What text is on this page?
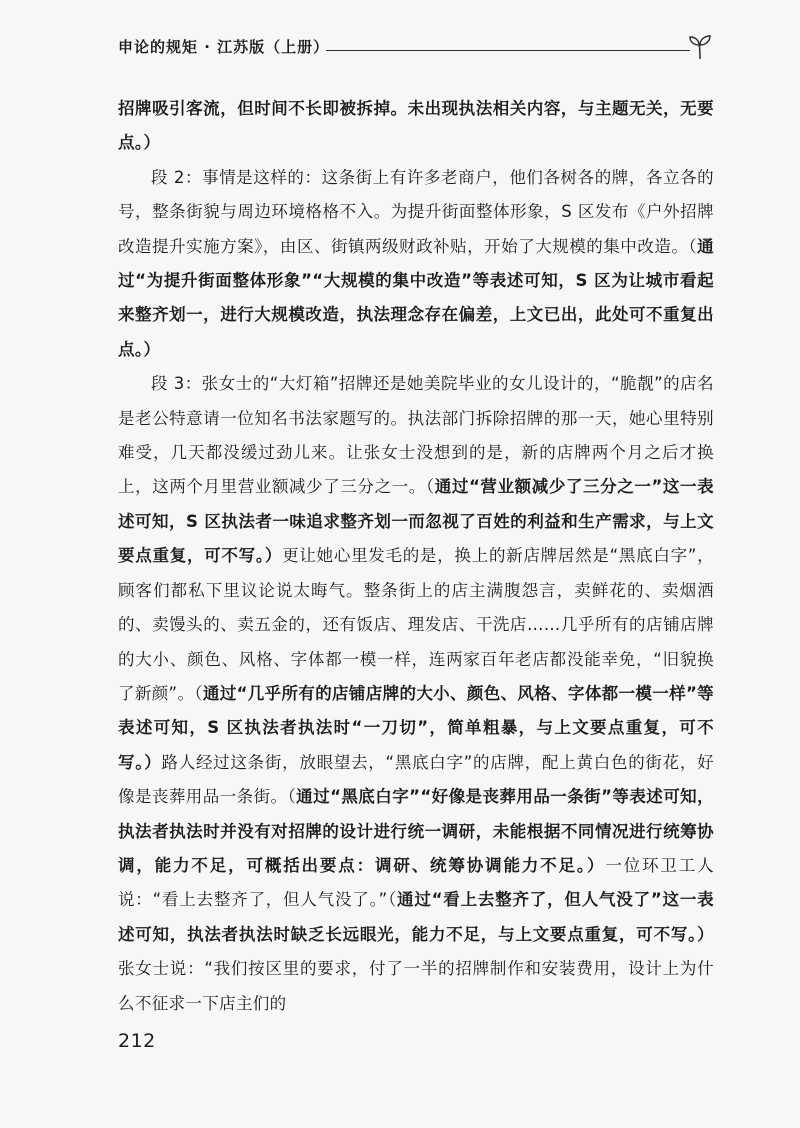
申论的规矩 · 江苏版（上册）

招牌吸引客流，但时间不长即被拆掉。未出现执法相关内容，与主题无关，无要点。）

段 2：事情是这样的：这条街上有许多老商户，他们各树各的牌，各立各的号，整条街貌与周边环境格格不入。为提升街面整体形象，S 区发布《户外招牌改造提升实施方案》，由区、街镇两级财政补贴，开始了大规模的集中改造。（通过“为提升街面整体形象”“大规模的集中改造”等表述可知，S 区为让城市看起来整齐划一，进行大规模改造，执法理念存在偏差，上文已出，此处可不重复出点。）

段 3：张女士的“大灯箱”招牌还是她美院毕业的女儿设计的，“脆靓”的店名是老公特意请一位知名书法家题写的。执法部门拆除招牌的那一天，她心里特别难受，几天都没缓过劲儿来。让张女士没想到的是，新的店牌两个月之后才换上，这两个月里营业额减少了三分之一。（通过“营业额减少了三分之一”这一表述可知，S 区执法者一味追求整齐划一而忽视了百姓的利益和生产需求，与上文要点重复，可不写。）更让她心里发毛的是，换上的新店牌居然是“黑底白字”，顾客们都私下里议论说太晦气。整条街上的店主满腹怨言，卖鲜花的、卖烟酒的、卖馒头的、卖五金的，还有饭店、理发店、干洗店……几乎所有的店铺店牌的大小、颜色、风格、字体都一模一样，连两家百年老店都没能幸免，“旧貌换了新颜”。（通过“几乎所有的店铺店牌的大小、颜色、风格、字体都一模一样”等表述可知，S 区执法者执法时“一刀切”，简单粗暴，与上文要点重复，可不写。）路人经过这条街，放眼望去，“黑底白字”的店牌，配上黄白色的街花，好像是丧葬用品一条街。（通过“黑底白字”“好像是丧葬用品一条街”等表述可知，执法者执法时并没有对招牌的设计进行统一调研，未能根据不同情况进行统筹协调，能力不足，可概括出要点：调研、统筹协调能力不足。）一位环卫工人说：“看上去整齐了，但人气没了。”（通过“看上去整齐了，但人气没了”这一表述可知，执法者执法时缺乏长远眼光，能力不足，与上文要点重复，可不写。）张女士说：“我们按区里的要求，付了一半的招牌制作和安装费用，设计上为什么不征求一下店主们的

212
